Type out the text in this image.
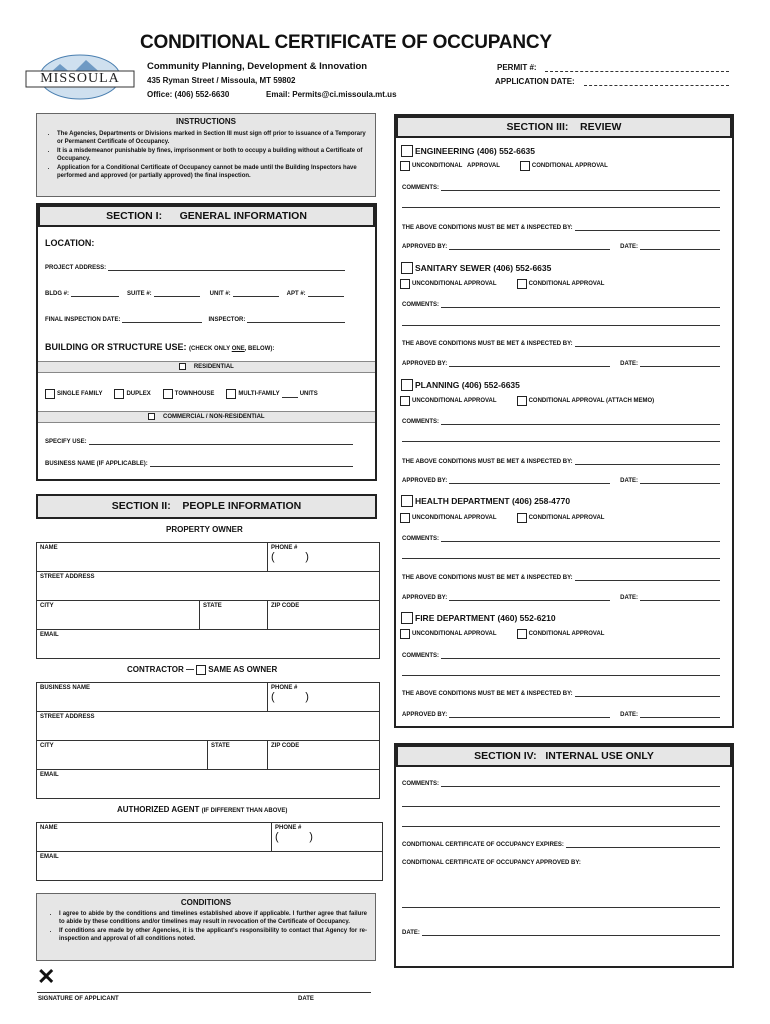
CONDITIONAL CERTIFICATE OF OCCUPANCY
MISSOULA
Community Planning, Development & Innovation
435 Ryman Street / Missoula, MT 59802
Office: (406) 552-6630	Email: Permits@ci.missoula.mt.us
PERMIT #:
APPLICATION DATE:
INSTRUCTIONS
• The Agencies, Departments or Divisions marked in Section III must sign off prior to issuance of a Temporary or Permanent Certificate of Occupancy.
• It is a misdemeanor punishable by fines, imprisonment or both to occupy a building without a Certificate of Occupancy.
• Application for a Conditional Certificate of Occupancy cannot be made until the Building Inspectors have performed and approved (or partially approved) the final inspection.
SECTION I:      GENERAL INFORMATION
LOCATION:
PROJECT ADDRESS:
BLDG #:	SUITE #:	UNIT #:	APT #:
FINAL INSPECTION DATE:	INSPECTOR:
BUILDING OR STRUCTURE USE: (CHECK ONLY ONE, BELOW):
RESIDENTIAL
SINGLE FAMILY	DUPLEX	TOWNHOUSE	MULTI-FAMILY	UNITS
COMMERCIAL / NON-RESIDENTIAL
SPECIFY USE:
BUSINESS NAME (IF APPLICABLE):
SECTION II:    PEOPLE INFORMATION
PROPERTY OWNER
NAME	PHONE #
(          )
STREET ADDRESS
CITY	STATE	ZIP CODE
EMAIL
CONTRACTOR — SAME AS OWNER
BUSINESS NAME	PHONE #
(          )
STREET ADDRESS
CITY	STATE	ZIP CODE
EMAIL
AUTHORIZED AGENT (IF DIFFERENT THAN ABOVE)
NAME	PHONE #
(          )
EMAIL
CONDITIONS
• I agree to abide by the conditions and timelines established above if applicable. I further agree that failure to abide by these conditions and/or timelines may result in revocation of the Certificate of Occupancy.
• If conditions are made by other Agencies, it is the applicant's responsibility to contact that Agency for re-inspection and approval of all conditions noted.
✕
SIGNATURE OF APPLICANT	DATE
SECTION III:    REVIEW
ENGINEERING (406) 552-6635
UNCONDITIONAL   APPROVAL	CONDITIONAL APPROVAL
COMMENTS:
THE ABOVE CONDITIONS MUST BE MET & INSPECTED BY:
APPROVED BY:	DATE:
SANITARY SEWER (406) 552-6635
UNCONDITIONAL APPROVAL	CONDITIONAL APPROVAL
COMMENTS:
THE ABOVE CONDITIONS MUST BE MET & INSPECTED BY:
APPROVED BY:	DATE:
PLANNING (406) 552-6635
UNCONDITIONAL APPROVAL	CONDITIONAL APPROVAL (ATTACH MEMO)
COMMENTS:
THE ABOVE CONDITIONS MUST BE MET & INSPECTED BY:
APPROVED BY:	DATE:
HEALTH DEPARTMENT (406) 258-4770
UNCONDITIONAL APPROVAL	CONDITIONAL APPROVAL
COMMENTS:
THE ABOVE CONDITIONS MUST BE MET & INSPECTED BY:
APPROVED BY:	DATE:
FIRE DEPARTMENT (460) 552-6210
UNCONDITIONAL APPROVAL	CONDITIONAL APPROVAL
COMMENTS:
THE ABOVE CONDITIONS MUST BE MET & INSPECTED BY:
APPROVED BY:	DATE:
SECTION IV:   INTERNAL USE ONLY
COMMENTS:
CONDITIONAL CERTIFICATE OF OCCUPANCY EXPIRES:
CONDITIONAL CERTIFICATE OF OCCUPANCY APPROVED BY:
DATE:
